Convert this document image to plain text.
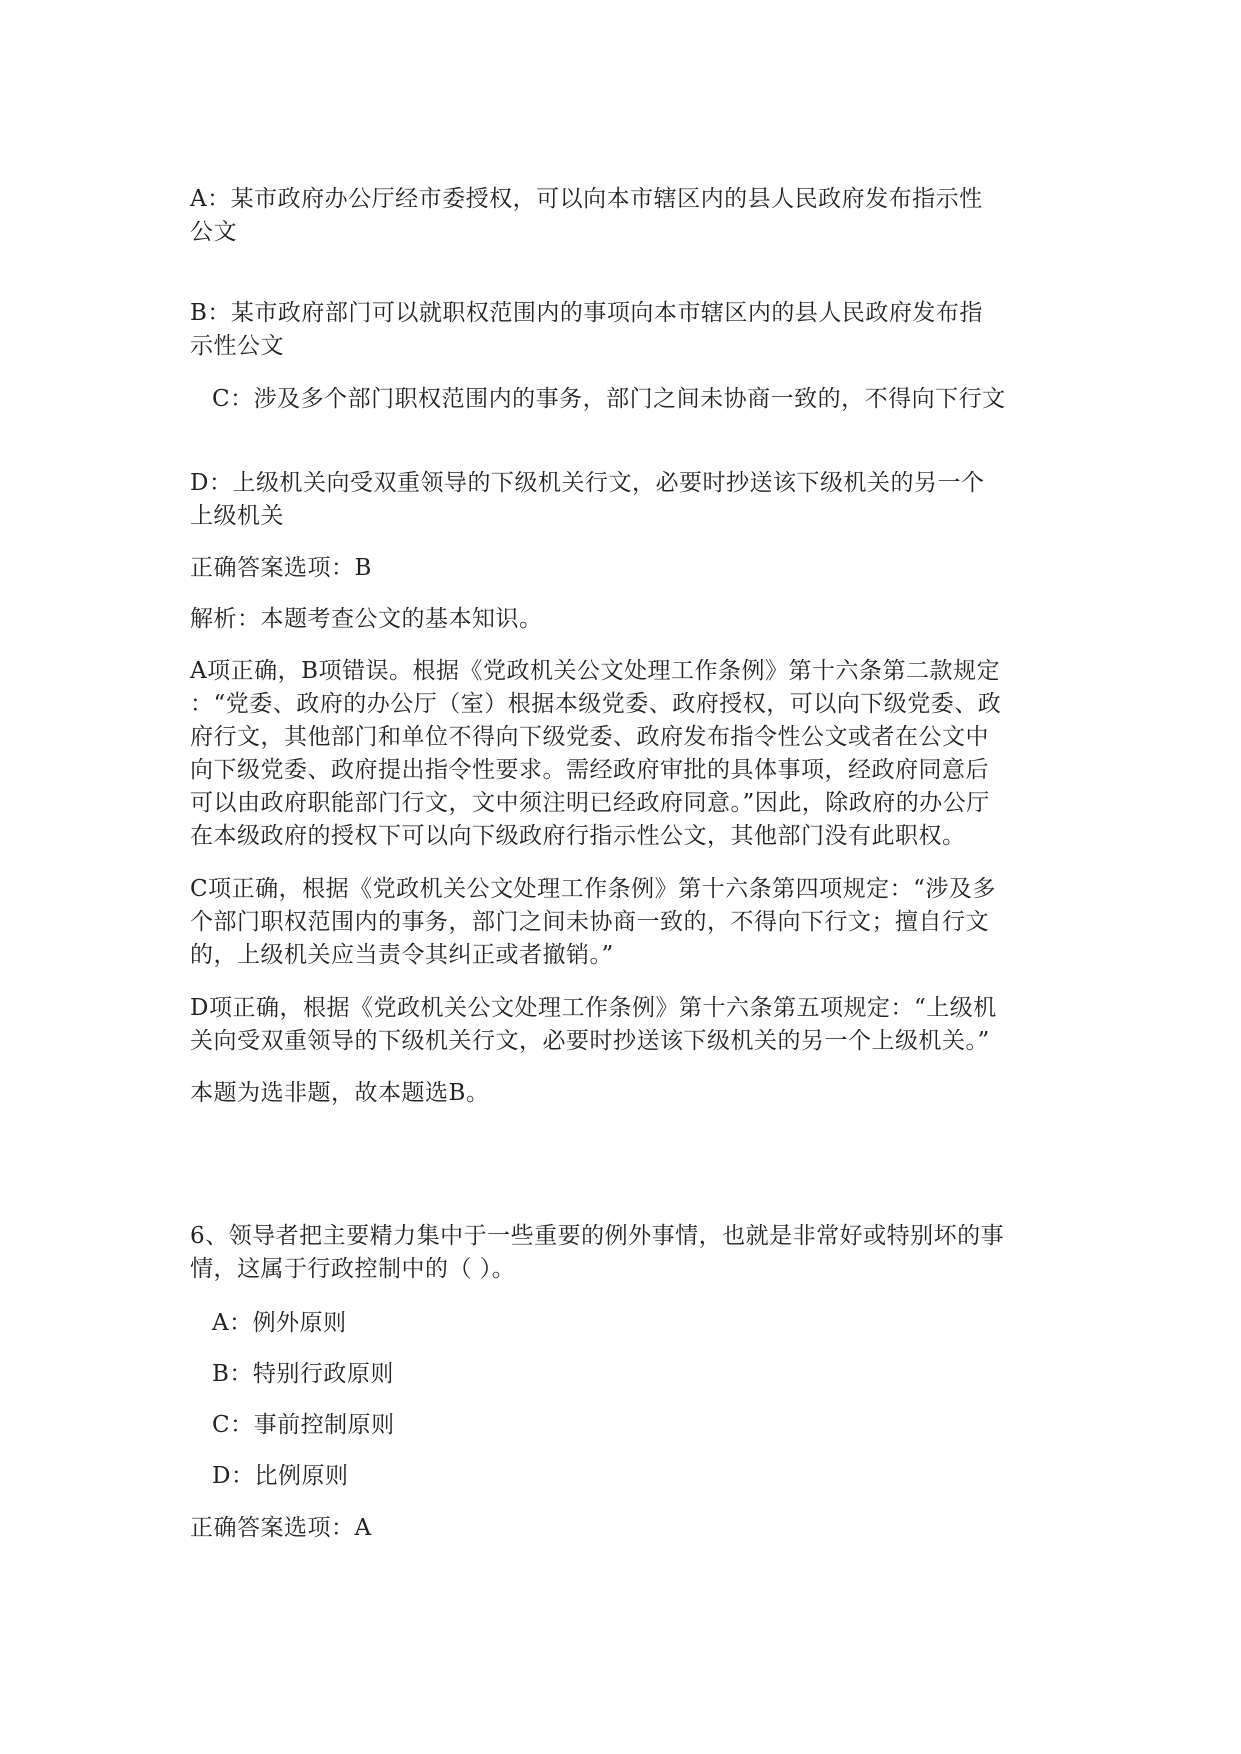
A：某市政府办公厅经市委授权，可以向本市辖区内的县人民政府发布指示性
公文
B：某市政府部门可以就职权范围内的事项向本市辖区内的县人民政府发布指
示性公文
C：涉及多个部门职权范围内的事务，部门之间未协商一致的，不得向下行文
D：上级机关向受双重领导的下级机关行文，必要时抄送该下级机关的另一个
上级机关
正确答案选项：B
解析：本题考查公文的基本知识。
A项正确，B项错误。根据《党政机关公文处理工作条例》第十六条第二款规定
：“党委、政府的办公厅（室）根据本级党委、政府授权，可以向下级党委、政
府行文，其他部门和单位不得向下级党委、政府发布指令性公文或者在公文中
向下级党委、政府提出指令性要求。需经政府审批的具体事项，经政府同意后
可以由政府职能部门行文，文中须注明已经政府同意。”因此，除政府的办公厅
在本级政府的授权下可以向下级政府行指示性公文，其他部门没有此职权。
C项正确，根据《党政机关公文处理工作条例》第十六条第四项规定：“涉及多
个部门职权范围内的事务，部门之间未协商一致的，不得向下行文；擅自行文
的，上级机关应当责令其纠正或者撤销。”
D项正确，根据《党政机关公文处理工作条例》第十六条第五项规定：“上级机
关向受双重领导的下级机关行文，必要时抄送该下级机关的另一个上级机关。”
本题为选非题，故本题选B。
6、领导者把主要精力集中于一些重要的例外事情，也就是非常好或特别坏的事
情，这属于行政控制中的（ ）。
A：例外原则
B：特别行政原则
C：事前控制原则
D：比例原则
正确答案选项：A
